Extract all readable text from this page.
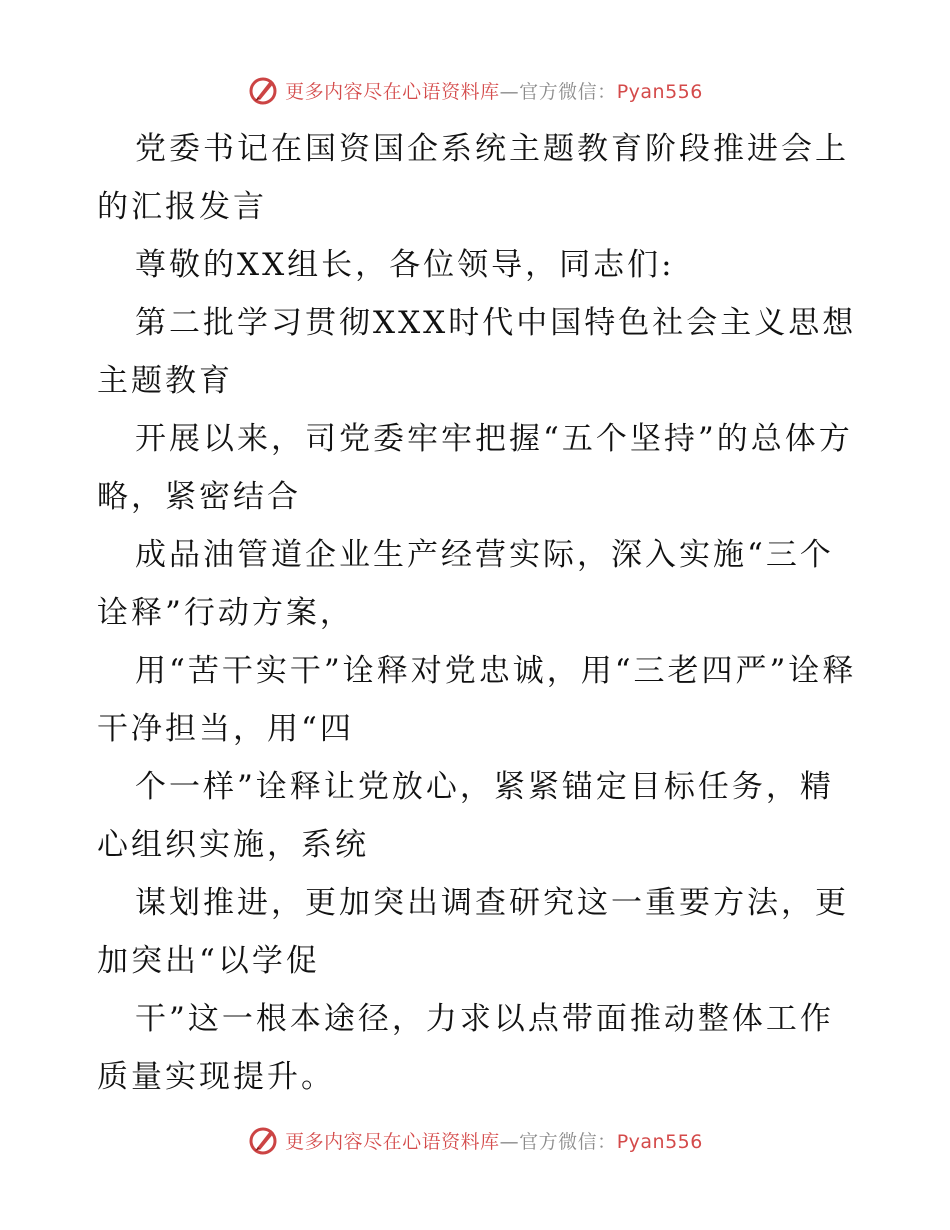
更多内容尽在心语资料库—官方微信：Pyan556

党委书记在国资国企系统主题教育阶段推进会上的汇报发言

尊敬的XX组长，各位领导，同志们:

第二批学习贯彻XXX时代中国特色社会主义思想主题教育

开展以来，司党委牢牢把握“五个坚持”的总体方略，紧密结合

成品油管道企业生产经营实际，深入实施“三个诠释”行动方案，

用“苦干实干”诠释对党忠诚，用“三老四严”诠释干净担当，用“四

个一样”诠释让党放心，紧紧锚定目标任务，精心组织实施，系统

谋划推进，更加突出调查研究这一重要方法，更加突出“以学促

干”这一根本途径，力求以点带面推动整体工作质量实现提升。

更多内容尽在心语资料库—官方微信：Pyan556
